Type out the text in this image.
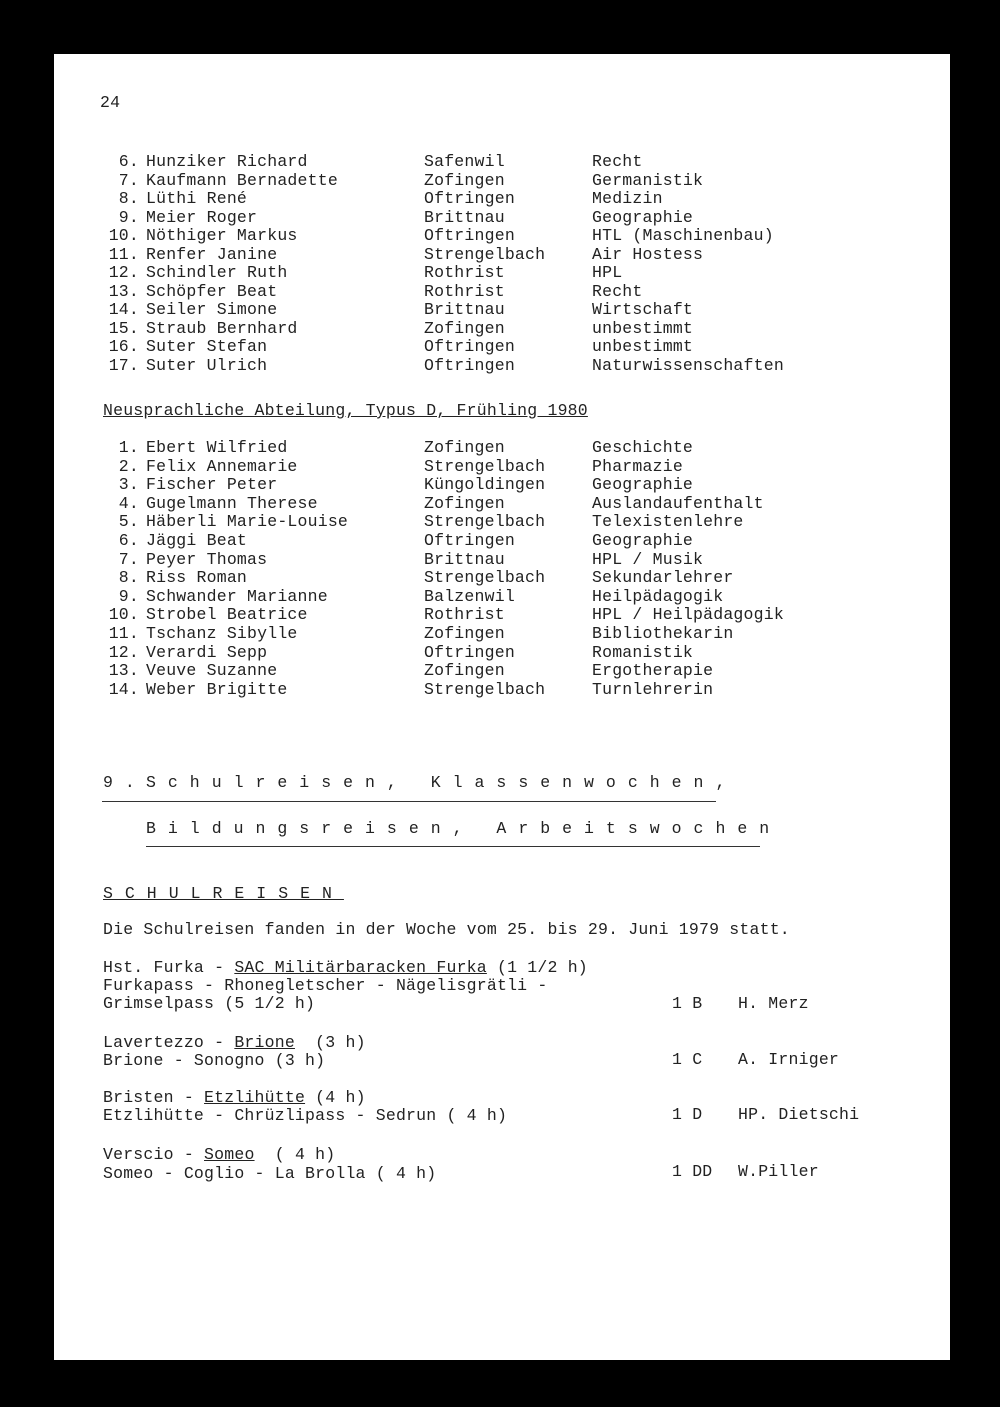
24
6. Hunziker Richard	Safenwil	Recht
7. Kaufmann Bernadette	Zofingen	Germanistik
8. Lüthi René	Oftringen	Medizin
9. Meier Roger	Brittnau	Geographie
10. Nöthiger Markus	Oftringen	HTL (Maschinenbau)
11. Renfer Janine	Strengelbach	Air Hostess
12. Schindler Ruth	Rothrist	HPL
13. Schöpfer Beat	Rothrist	Recht
14. Seiler Simone	Brittnau	Wirtschaft
15. Straub Bernhard	Zofingen	unbestimmt
16. Suter Stefan	Oftringen	unbestimmt
17. Suter Ulrich	Oftringen	Naturwissenschaften
Neusprachliche Abteilung, Typus D, Frühling 1980
1. Ebert Wilfried	Zofingen	Geschichte
2. Felix Annemarie	Strengelbach	Pharmazie
3. Fischer Peter	Küngoldingen	Geographie
4. Gugelmann Therese	Zofingen	Auslandaufenthalt
5. Häberli Marie-Louise	Strengelbach	Telexistenlehre
6. Jäggi Beat	Oftringen	Geographie
7. Peyer Thomas	Brittnau	HPL / Musik
8. Riss Roman	Strengelbach	Sekundarlehrer
9. Schwander Marianne	Balzenwil	Heilpädagogik
10. Strobel Beatrice	Rothrist	HPL / Heilpädagogik
11. Tschanz Sibylle	Zofingen	Bibliothekarin
12. Verardi Sepp	Oftringen	Romanistik
13. Veuve Suzanne	Zofingen	Ergotherapie
14. Weber Brigitte	Strengelbach	Turnlehrerin
9. Schulreisen, Klassenwochen,
Bildungsreisen, Arbeitswochen
SCHULREISEN
Die Schulreisen fanden in der Woche vom 25. bis 29. Juni 1979 statt.
Hst. Furka - SAC Militärbaracken Furka (1 1/2 h)
Furkapass - Rhonegletscher - Nägelisgrätli -
Grimselpass (5 1/2 h)	1 B H. Merz
Lavertezzo - Brione  (3 h)
Brione - Sonogno (3 h)	1 C A. Irniger
Bristen - Etzlihütte (4 h)
Etzlihütte - Chrüzlipass - Sedrun ( 4 h)	1 D HP. Dietschi
Verscio - Someo  ( 4 h)
Someo - Coglio - La Brolla ( 4 h)	1 DD W.Piller
